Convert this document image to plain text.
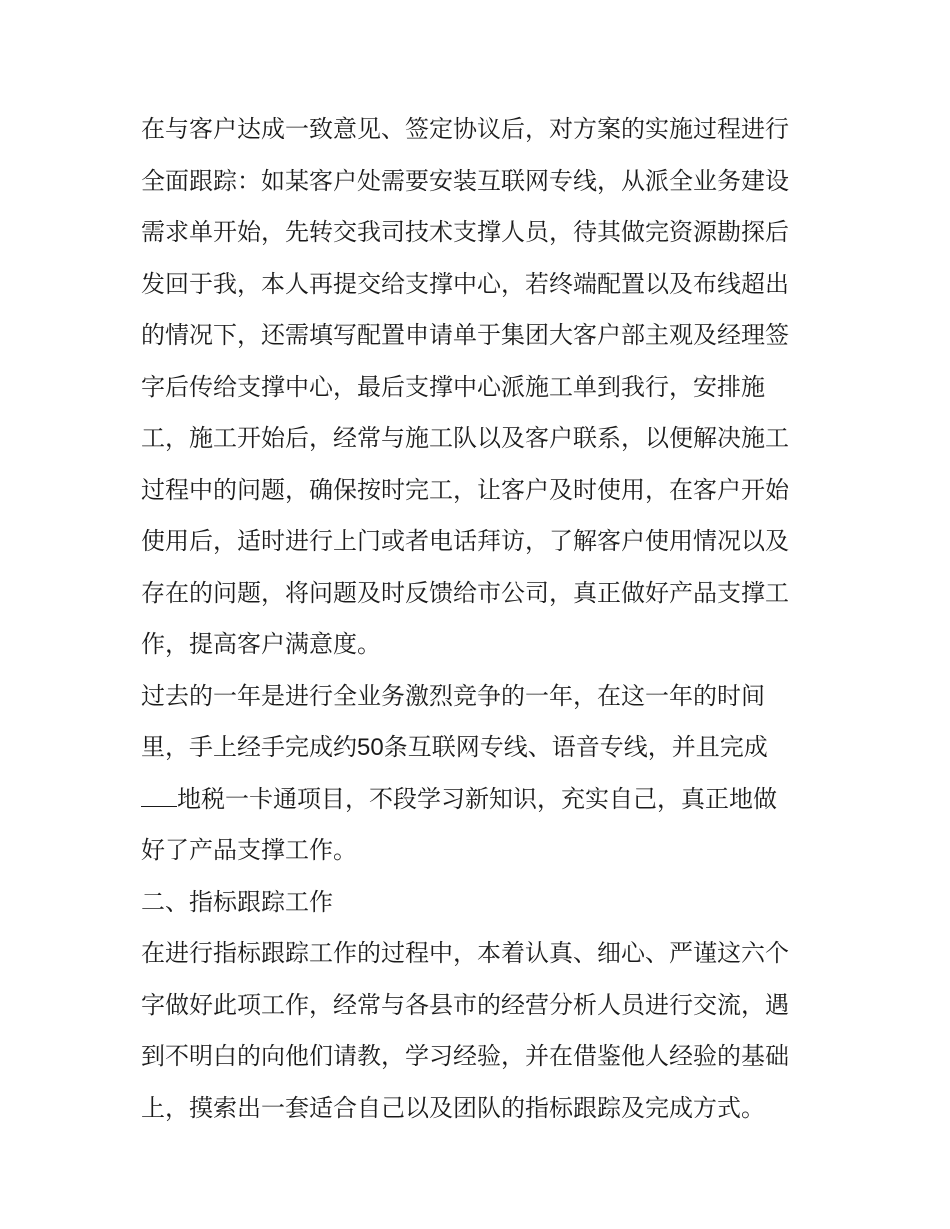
在与客户达成一致意见、签定协议后，对方案的实施过程进行
全面跟踪：如某客户处需要安装互联网专线，从派全业务建设
需求单开始，先转交我司技术支撑人员，待其做完资源勘探后
发回于我，本人再提交给支撑中心，若终端配置以及布线超出
的情况下，还需填写配置申请单于集团大客户部主观及经理签
字后传给支撑中心，最后支撑中心派施工单到我行，安排施
工，施工开始后，经常与施工队以及客户联系，以便解决施工
过程中的问题，确保按时完工，让客户及时使用，在客户开始
使用后，适时进行上门或者电话拜访，了解客户使用情况以及
存在的问题，将问题及时反馈给市公司，真正做好产品支撑工
作，提高客户满意度。
过去的一年是进行全业务激烈竞争的一年，在这一年的时间
里，手上经手完成约50条互联网专线、语音专线，并且完成
地税一卡通项目，不段学习新知识，充实自己，真正地做
好了产品支撑工作。
二、指标跟踪工作
在进行指标跟踪工作的过程中，本着认真、细心、严谨这六个
字做好此项工作，经常与各县市的经营分析人员进行交流，遇
到不明白的向他们请教，学习经验，并在借鉴他人经验的基础
上，摸索出一套适合自己以及团队的指标跟踪及完成方式。
